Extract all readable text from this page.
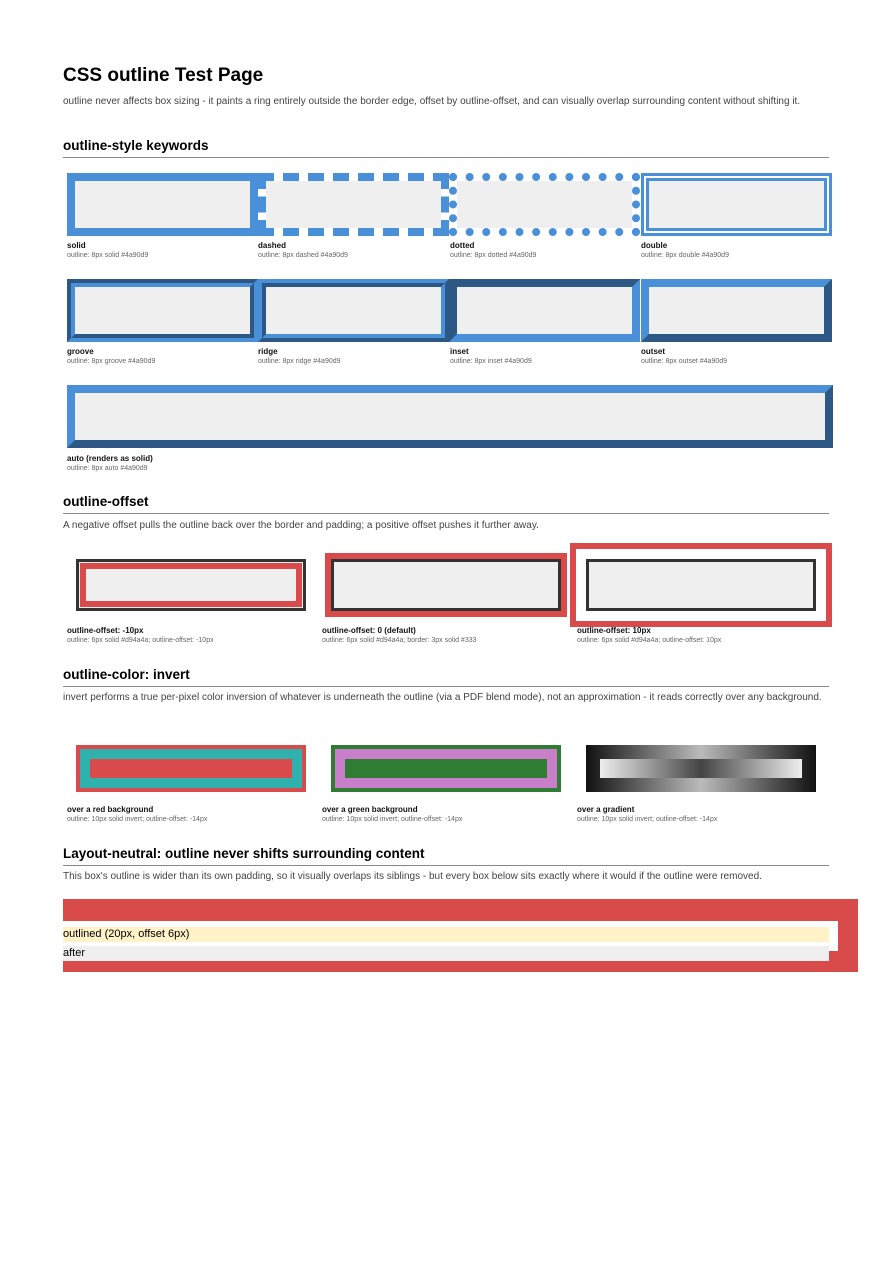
CSS outline Test Page
outline never affects box sizing - it paints a ring entirely outside the border edge, offset by outline-offset, and can visually overlap surrounding content without shifting it.
outline-style keywords
solid
outline: 8px solid #4a90d9
dashed
outline: 8px dashed #4a90d9
dotted
outline: 8px dotted #4a90d9
double
outline: 8px double #4a90d9
groove
outline: 8px groove #4a90d9
ridge
outline: 8px ridge #4a90d9
inset
outline: 8px inset #4a90d9
outset
outline: 8px outset #4a90d9
auto (renders as solid)
outline: 8px auto #4a90d9
outline-offset
A negative offset pulls the outline back over the border and padding; a positive offset pushes it further away.
outline-offset: -10px
outline: 6px solid #d94a4a; outline-offset: -10px
outline-offset: 0 (default)
outline: 6px solid #d94a4a; border: 3px solid #333
outline-offset: 10px
outline: 6px solid #d94a4a; outline-offset: 10px
outline-color: invert
invert performs a true per-pixel color inversion of whatever is underneath the outline (via a PDF blend mode), not an approximation - it reads correctly over any background.
over a red background
outline: 10px solid invert; outline-offset: -14px
over a green background
outline: 10px solid invert; outline-offset: -14px
over a gradient
outline: 10px solid invert; outline-offset: -14px
Layout-neutral: outline never shifts surrounding content
This box's outline is wider than its own padding, so it visually overlaps its siblings - but every box below sits exactly where it would if the outline were removed.
outlined (20px, offset 6px)
after
